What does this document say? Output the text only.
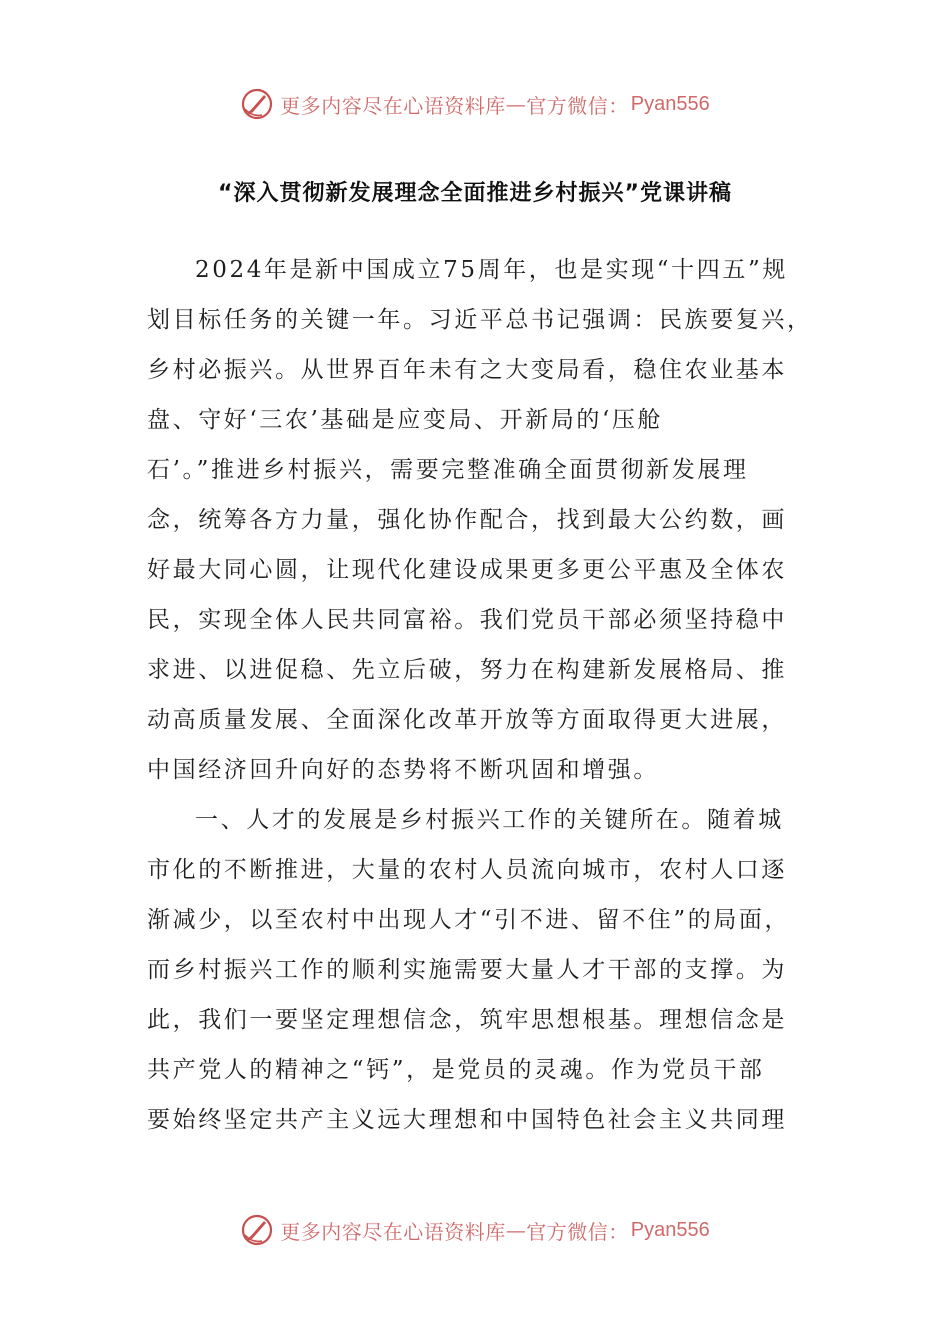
更多内容尽在心语资料库 — 官方微信： Pyan556
“深入贯彻新发展理念全面推进乡村振兴”党课讲稿
2024年是新中国成立75周年，也是实现“十四五”规
划目标任务的关键一年。习近平总书记强调：民族要复兴，
乡村必振兴。从世界百年未有之大变局看，稳住农业基本
盘、守好‘三农’基础是应变局、开新局的‘压舱
石’。”推进乡村振兴，需要完整准确全面贯彻新发展理
念，统筹各方力量，强化协作配合，找到最大公约数，画
好最大同心圆，让现代化建设成果更多更公平惠及全体农
民，实现全体人民共同富裕。我们党员干部必须坚持稳中
求进、以进促稳、先立后破，努力在构建新发展格局、推
动高质量发展、全面深化改革开放等方面取得更大进展，
中国经济回升向好的态势将不断巩固和增强。
一、人才的发展是乡村振兴工作的关键所在。随着城
市化的不断推进，大量的农村人员流向城市，农村人口逐
渐减少，以至农村中出现人才“引不进、留不住”的局面，
而乡村振兴工作的顺利实施需要大量人才干部的支撑。为
此，我们一要坚定理想信念，筑牢思想根基。理想信念是
共产党人的精神之“钙”，是党员的灵魂。作为党员干部
要始终坚定共产主义远大理想和中国特色社会主义共同理
更多内容尽在心语资料库 — 官方微信： Pyan556
